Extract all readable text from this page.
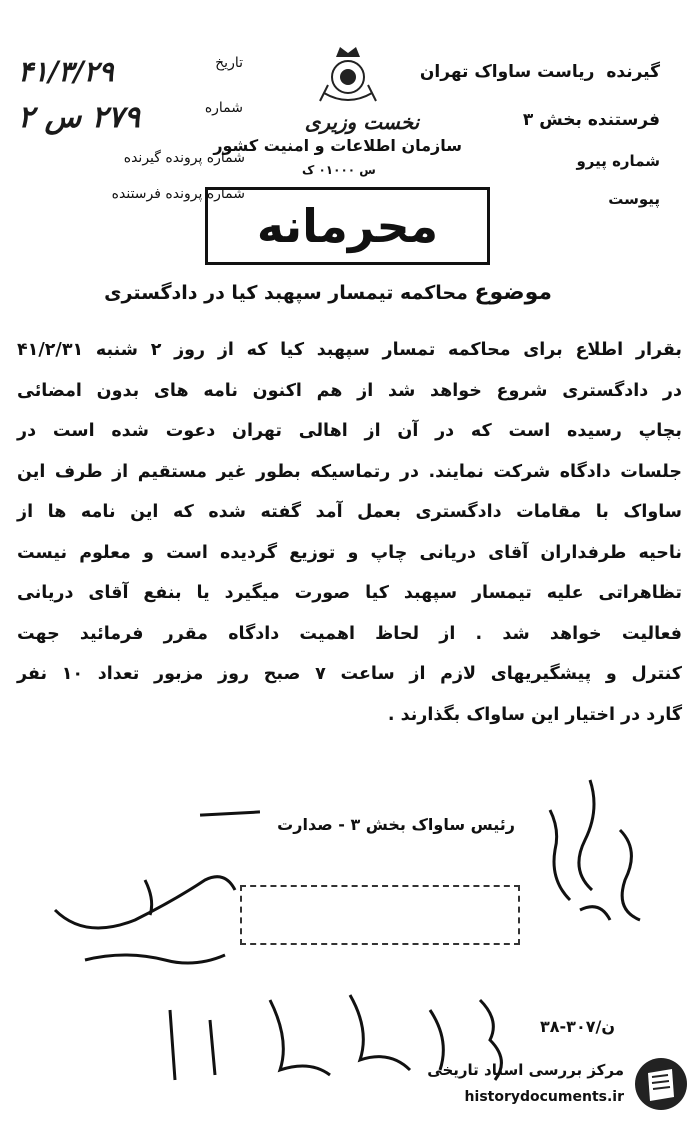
گیرنده ریاست ساواک تهران
فرستنده بخش ۳
شماره پیرو
پیوست
تاریخ
۴۱/۳/۲۹
شماره
۲۷۹ س ۲
شماره پرونده گیرنده
شماره پرونده فرستنده
نخست وزیری
سازمان اطلاعات و امنیت کشور
س ۰۱۰۰۰ ک
محرمانه
موضوع محاکمه تیمسار سپهبد کیا در دادگستری
بقرار اطلاع برای محاکمه تمسار سپهبد کیا که از روز ۲ شنبه ۴۱/۲/۳۱
در دادگستری شروع خواهد شد از هم اکنون نامه های بدون امضائی
بچاپ رسیده است که در آن از اهالی تهران دعوت شده است در
جلسات دادگاه شرکت نمایند. در رتماسیکه بطور غیر مستقیم از طرف این
ساواک با مقامات دادگستری بعمل آمد گفته شده که این نامه ها از
ناحیه طرفداران آقای دریانی چاپ و توزیع گردیده است و معلوم نیست
تظاهراتی علیه تیمسار سپهبد کیا صورت میگیرد یا بنفع آقای دریانی
فعالیت خواهد شد . از لحاظ اهمیت دادگاه مقرر فرمائید جهت
کنترل و پیشگیریهای لازم از ساعت ۷ صبح روز مزبور تعداد ۱۰ نفر
گارد در اختیار این ساواک بگذارند .
رئیس ساواک بخش ۳ - صدارت
ن/۳۰۷-۳۸
مرکز بررسی اسناد تاریخی
historydocuments.ir
